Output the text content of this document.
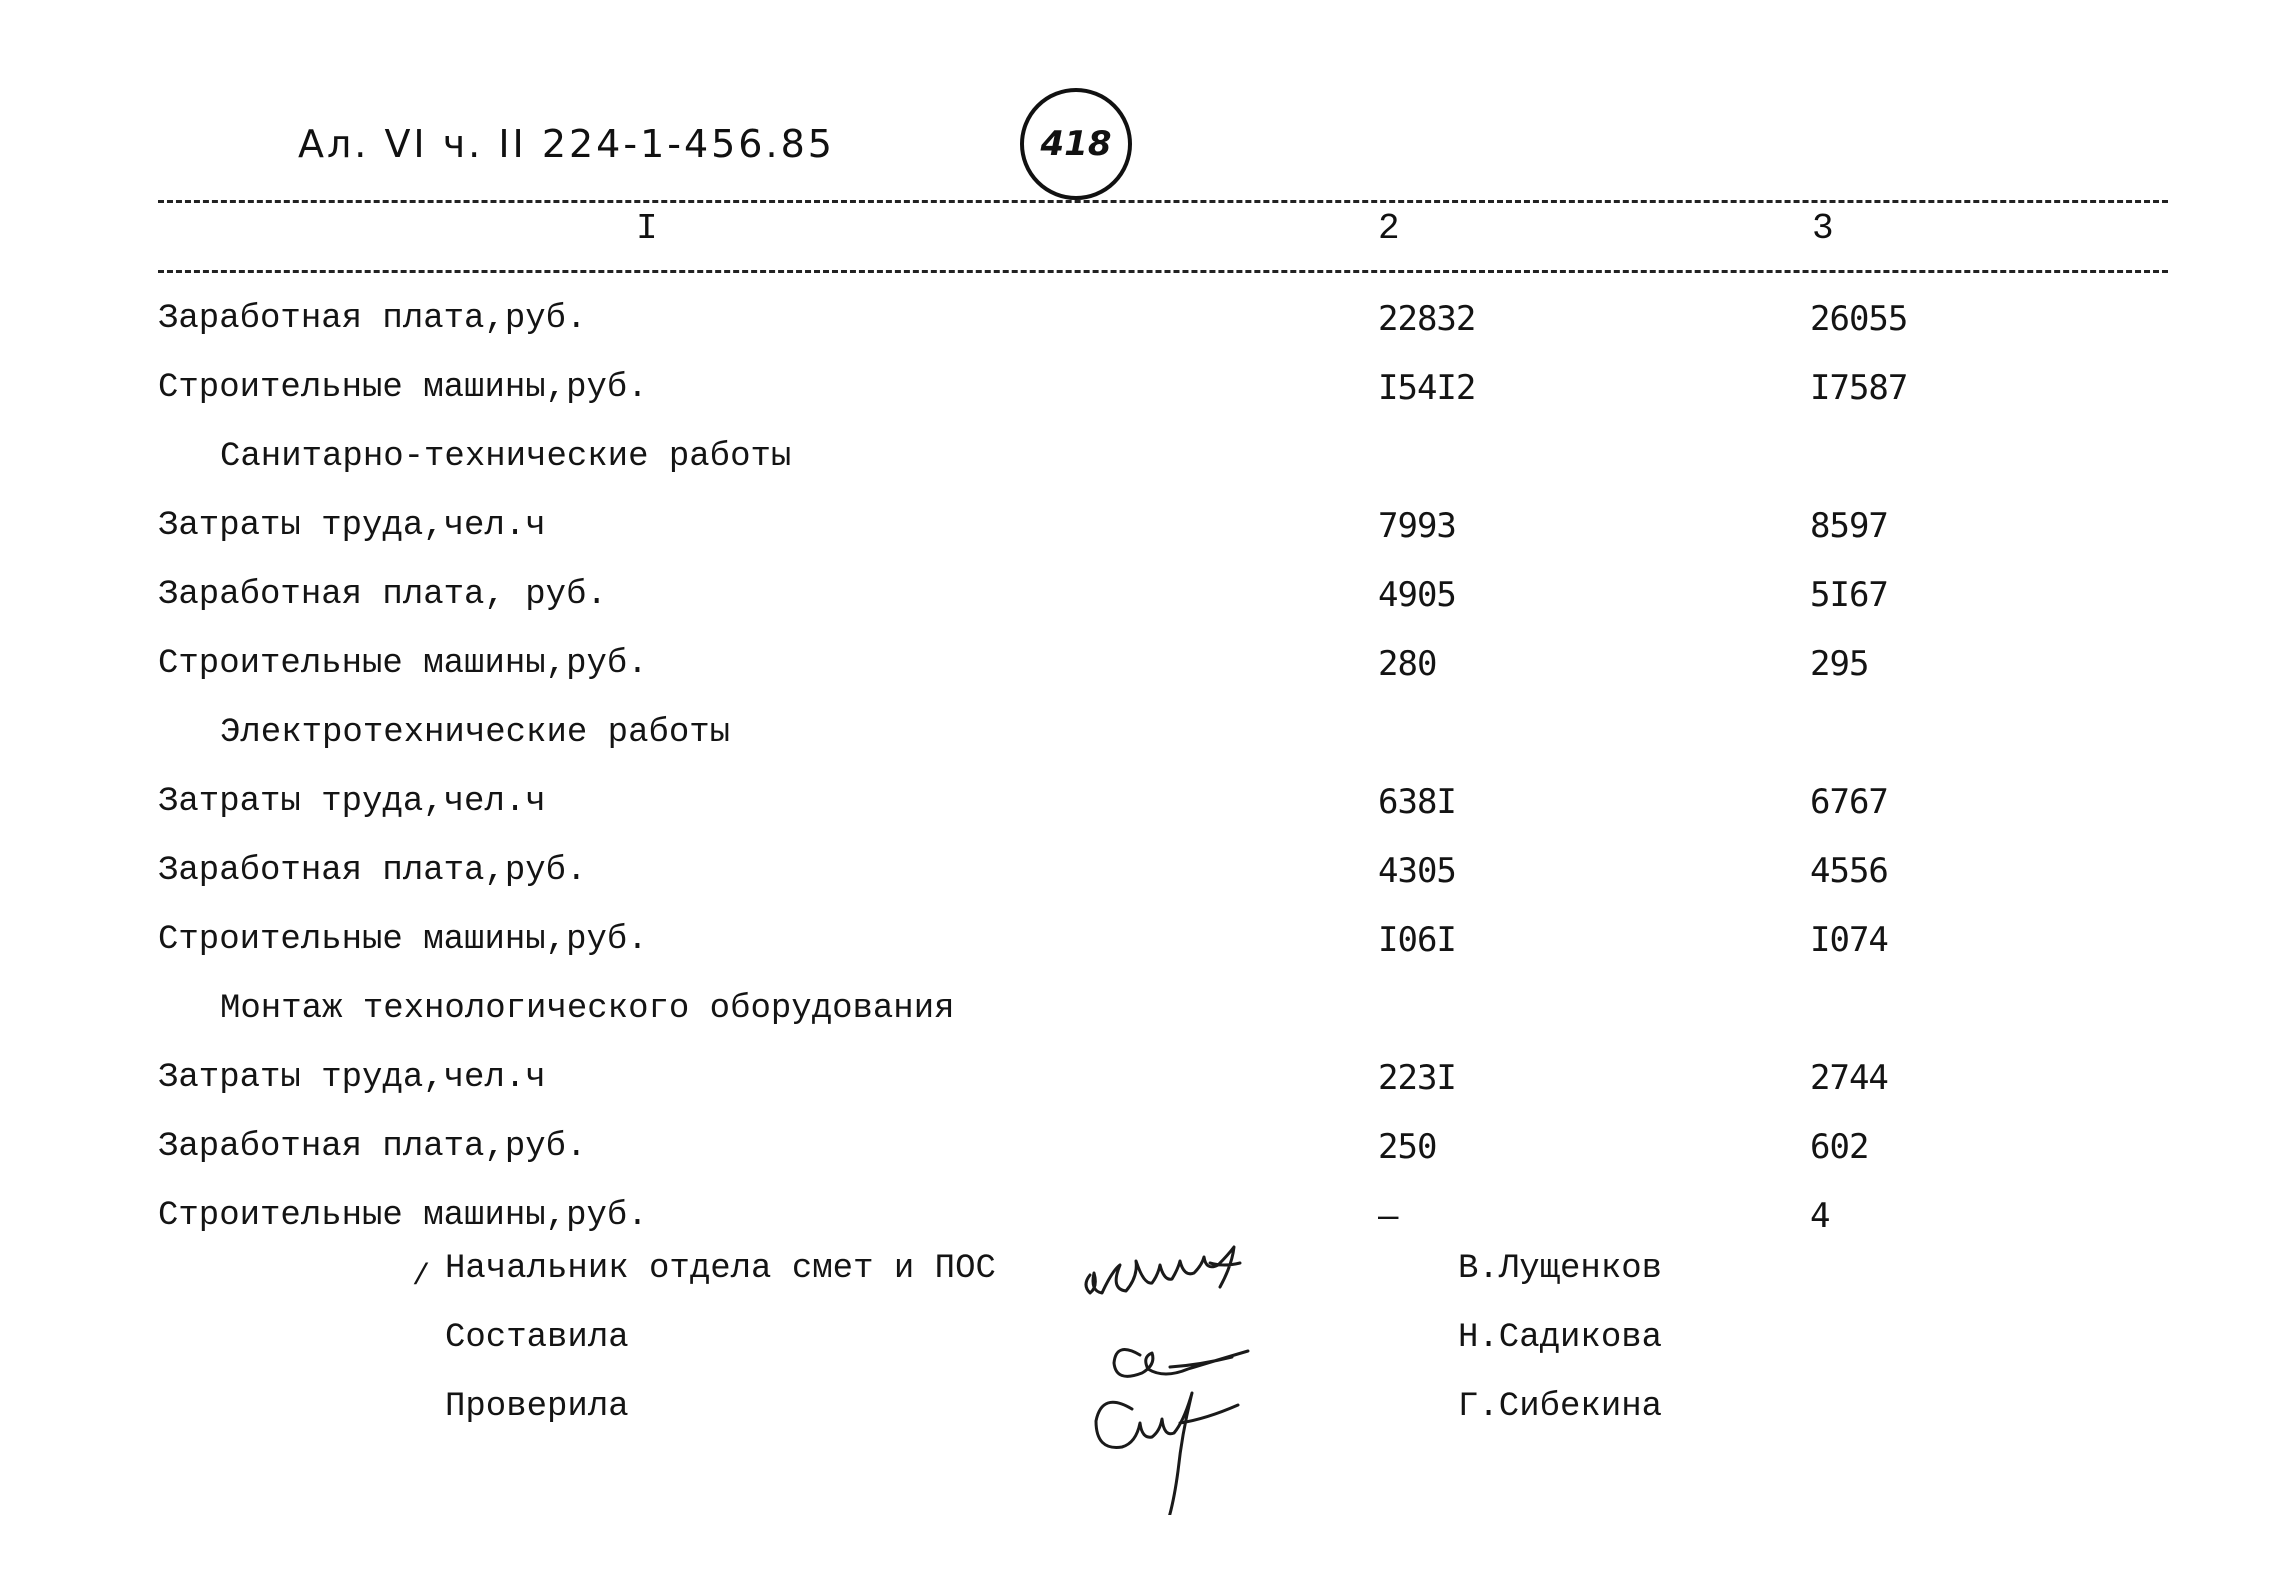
Ал. VI ч. II 224-1-456.85	418
I	2	3
Заработная плата,руб.	22832	26055
Строительные машины,руб.	I54I2	I7587
Санитарно-технические работы
Затраты труда,чел.ч	7993	8597
Заработная плата, руб.	4905	5I67
Строительные машины,руб.	280	295
Электротехнические работы
Затраты труда,чел.ч	638I	6767
Заработная плата,руб.	4305	4556
Строительные машины,руб.	I06I	I074
Монтаж технологического оборудования
Затраты труда,чел.ч	223I	2744
Заработная плата,руб.	250	602
Строительные машины,руб.	–	4
/ Начальник отдела смет и ПОС	В.Лущенков
Составила	Н.Садикова
Проверила	Г.Сибекина
